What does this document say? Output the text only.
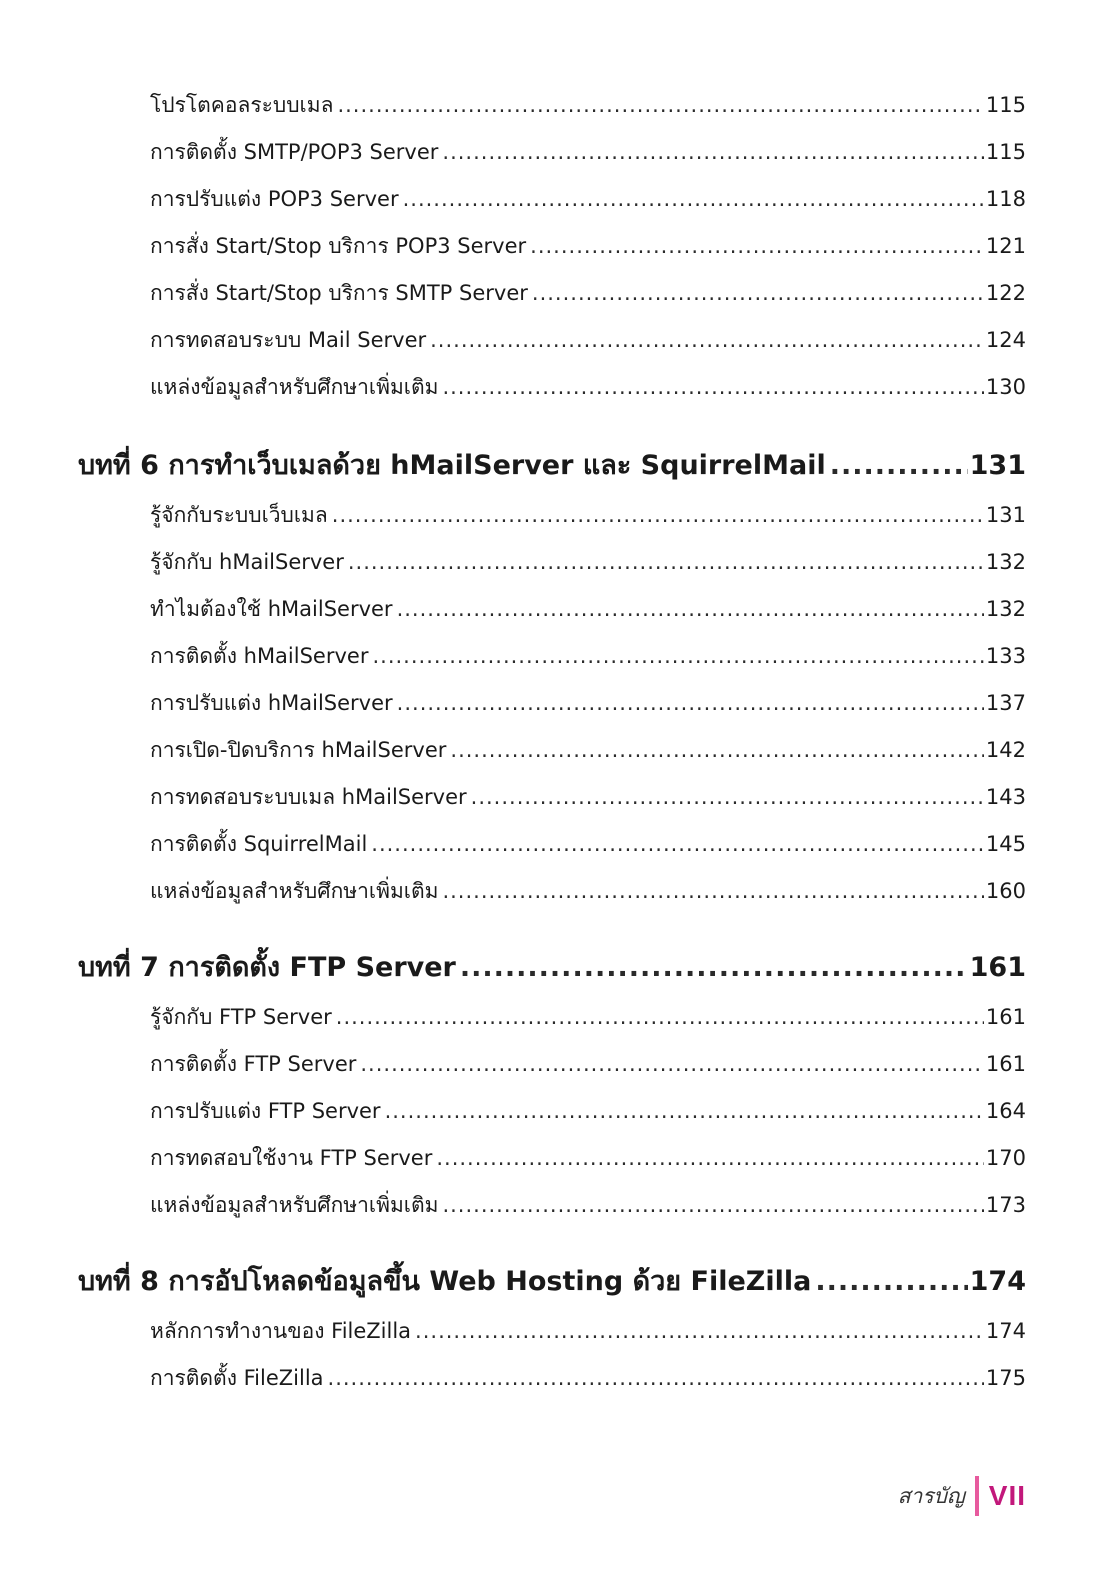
โปรโตคอลระบบเมล .....	115
การติดตั้ง SMTP/POP3 Server .....	115
การปรับแต่ง POP3 Server .....	118
การสั่ง Start/Stop บริการ POP3 Server .....	121
การสั่ง Start/Stop บริการ SMTP Server .....	122
การทดสอบระบบ Mail Server .....	124
แหล่งข้อมูลสำหรับศึกษาเพิ่มเติม .....	130
บทที่ 6 การทำเว็บเมลด้วย hMailServer และ SquirrelMail .....	131
รู้จักกับระบบเว็บเมล .....	131
รู้จักกับ hMailServer .....	132
ทำไมต้องใช้ hMailServer .....	132
การติดตั้ง hMailServer .....	133
การปรับแต่ง hMailServer .....	137
การเปิด-ปิดบริการ hMailServer .....	142
การทดสอบระบบเมล hMailServer .....	143
การติดตั้ง SquirrelMail .....	145
แหล่งข้อมูลสำหรับศึกษาเพิ่มเติม .....	160
บทที่ 7 การติดตั้ง FTP Server .....	161
รู้จักกับ FTP Server .....	161
การติดตั้ง FTP Server .....	161
การปรับแต่ง FTP Server .....	164
การทดสอบใช้งาน FTP Server .....	170
แหล่งข้อมูลสำหรับศึกษาเพิ่มเติม .....	173
บทที่ 8 การอัปโหลดข้อมูลขึ้น Web Hosting ด้วย FileZilla .....	174
หลักการทำงานของ FileZilla .....	174
การติดตั้ง FileZilla .....	175
สารบัญ VII
